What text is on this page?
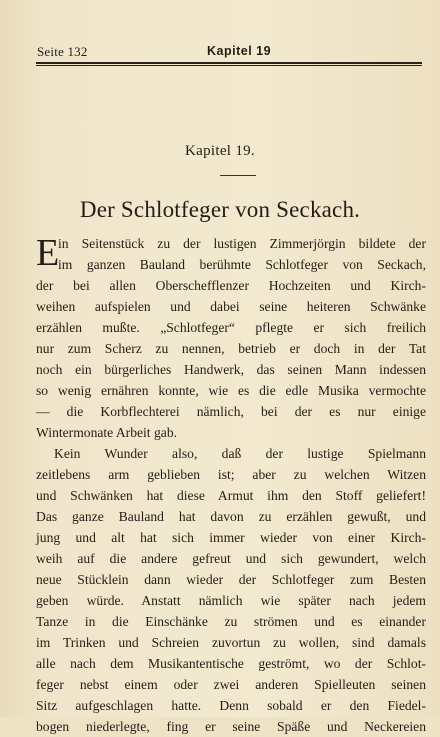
Seite 132	Kapitel 19
Kapitel 19.
Der Schlotfeger von Seckach.
E
in Seitenstück zu der lustigen Zimmerjörgin bildete der
im ganzen Bauland berühmte Schlotfeger von Seckach,
der bei allen Oberschefflenzer Hochzeiten und Kirch-
weihen aufspielen und dabei seine heiteren Schwänke
erzählen mußte. „Schlotfeger“ pflegte er sich freilich
nur zum Scherz zu nennen, betrieb er doch in der Tat
noch ein bürgerliches Handwerk, das seinen Mann indessen
so wenig ernähren konnte, wie es die edle Musika vermochte
— die Korbflechterei nämlich, bei der es nur einige
Wintermonate Arbeit gab.
Kein Wunder also, daß der lustige Spielmann
zeitlebens arm geblieben ist; aber zu welchen Witzen
und Schwänken hat diese Armut ihm den Stoff geliefert!
Das ganze Bauland hat davon zu erzählen gewußt, und
jung und alt hat sich immer wieder von einer Kirch-
weih auf die andere gefreut und sich gewundert, welch
neue Stücklein dann wieder der Schlotfeger zum Besten
geben würde. Anstatt nämlich wie später nach jedem
Tanze in die Einschänke zu strömen und es einander
im Trinken und Schreien zuvortun zu wollen, sind damals
alle nach dem Musikantentische geströmt, wo der Schlot-
feger nebst einem oder zwei anderen Spielleuten seinen
Sitz aufgeschlagen hatte. Denn sobald er den Fiedel-
bogen niederlegte, fing er seine Späße und Neckereien
